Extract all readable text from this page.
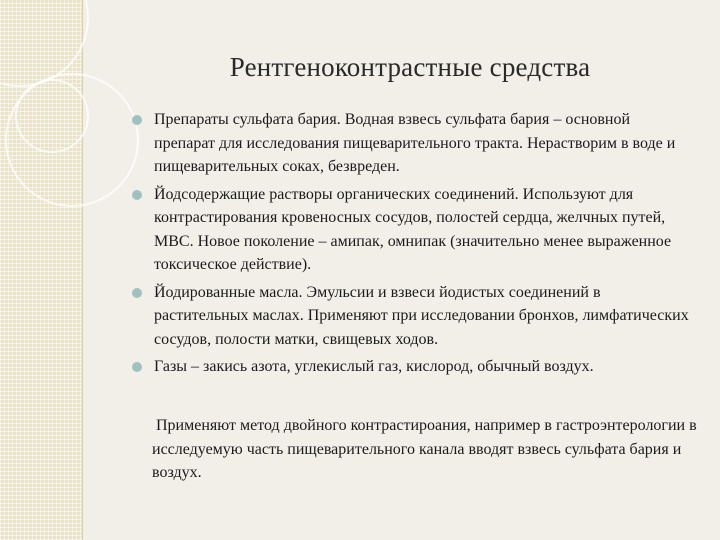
Рентгеноконтрастные средства
Препараты сульфата бария. Водная взвесь сульфата бария – основной препарат для исследования пищеварительного тракта. Нерастворим в воде и пищеварительных соках, безвреден.
Йодсодержащие растворы органических соединений. Используют для контрастирования кровеносных сосудов, полостей сердца, желчных путей, МВС. Новое поколение – амипак, омнипак (значительно менее выраженное токсическое действие).
Йодированные масла. Эмульсии и взвеси йодистых соединений в растительных маслах. Применяют при исследовании бронхов, лимфатических сосудов, полости матки, свищевых ходов.
Газы – закись азота, углекислый газ, кислород, обычный воздух.
Применяют метод двойного контрастироания, например в гастроэнтерологии в исследуемую часть пищеварительного канала вводят взвесь сульфата бария и воздух.
